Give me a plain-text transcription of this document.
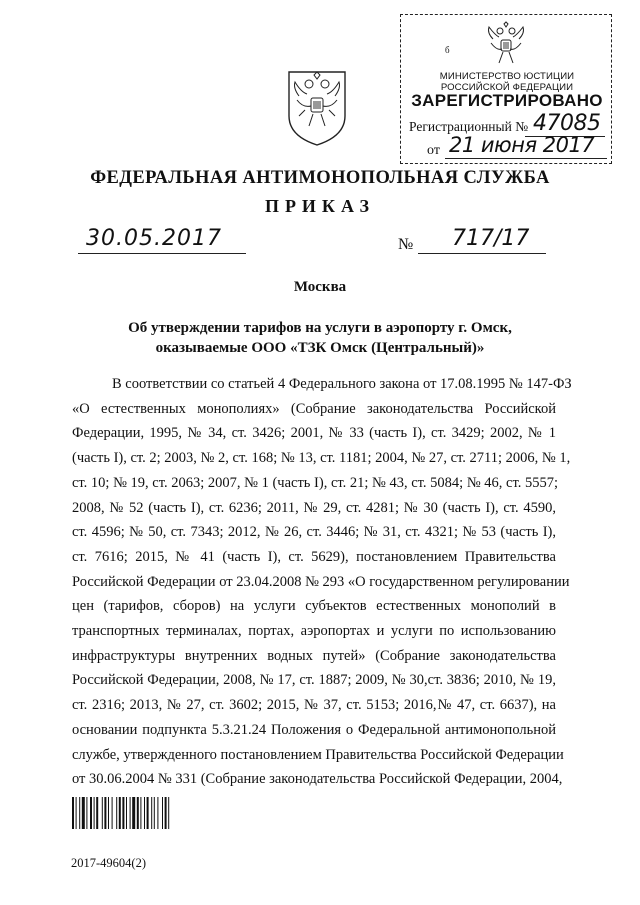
б
МИНИСТЕРСТВО ЮСТИЦИИ РОССИЙСКОЙ ФЕДЕРАЦИИ
ЗАРЕГИСТРИРОВАНО
Регистрационный № 47085
от 21 июня 2017
ФЕДЕРАЛЬНАЯ АНТИМОНОПОЛЬНАЯ СЛУЖБА
ПРИКАЗ
30.05.2017	№ 717/17
Москва
Об утверждении тарифов на услуги в аэропорту г. Омск,
оказываемые ООО «ТЗК Омск (Центральный)»
В соответствии со статьей 4 Федерального закона от 17.08.1995 № 147-ФЗ
«О естественных монополиях» (Собрание законодательства Российской
Федерации, 1995, № 34, ст. 3426; 2001, № 33 (часть I), ст. 3429; 2002, № 1
(часть I), ст. 2; 2003, № 2, ст. 168; № 13, ст. 1181; 2004, № 27, ст. 2711; 2006, № 1,
ст. 10; № 19, ст. 2063; 2007, № 1 (часть I), ст. 21; № 43, ст. 5084; № 46, ст. 5557;
2008, № 52 (часть I), ст. 6236; 2011, № 29, ст. 4281; № 30 (часть I), ст. 4590,
ст. 4596; № 50, ст. 7343; 2012, № 26, ст. 3446; № 31, ст. 4321; № 53 (часть I),
ст. 7616; 2015, № 41 (часть I), ст. 5629), постановлением Правительства
Российской Федерации от 23.04.2008 № 293 «О государственном регулировании
цен (тарифов, сборов) на услуги субъектов естественных монополий в
транспортных терминалах, портах, аэропортах и услуги по использованию
инфраструктуры внутренних водных путей» (Собрание законодательства
Российской Федерации, 2008, № 17, ст. 1887; 2009, № 30,ст. 3836; 2010, № 19,
ст. 2316; 2013, № 27, ст. 3602; 2015, № 37, ст. 5153; 2016,№ 47, ст. 6637), на
основании подпункта 5.3.21.24 Положения о Федеральной антимонопольной
службе, утвержденного постановлением Правительства Российской Федерации
от 30.06.2004 № 331 (Собрание законодательства Российской Федерации, 2004,
2017-49604(2)
